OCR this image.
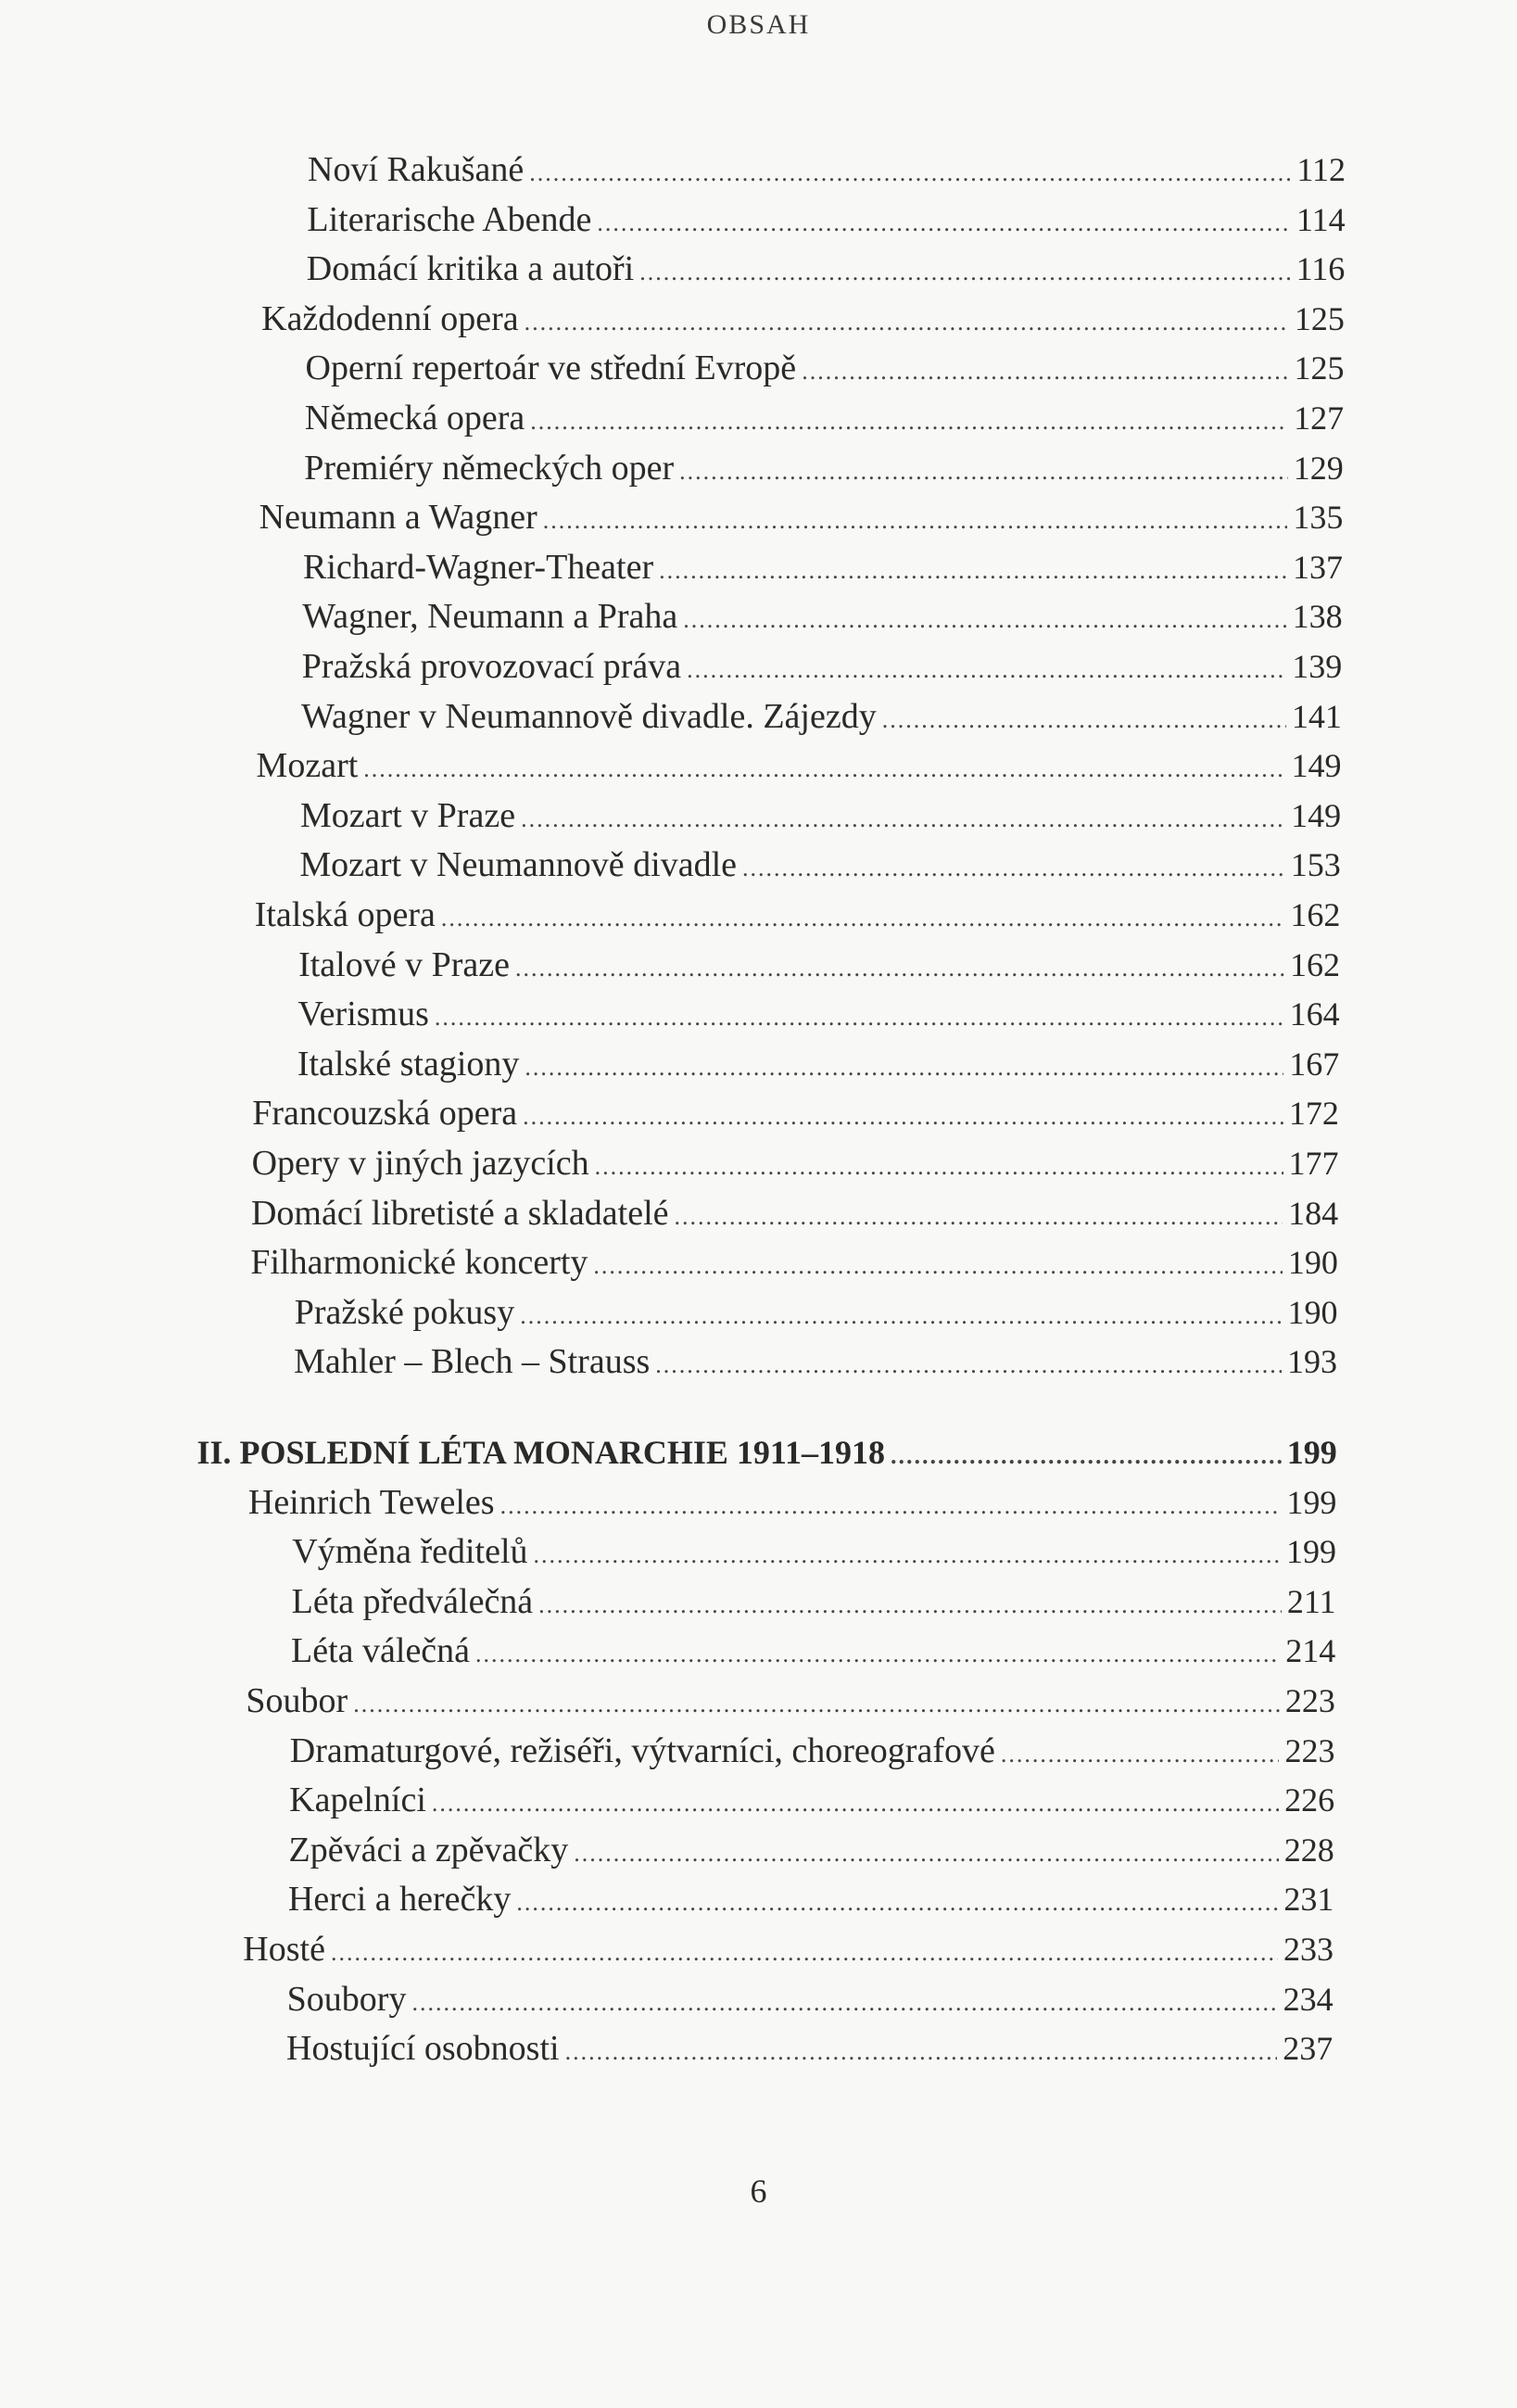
OBSAH
Noví Rakušané .....	112
Literarische Abende .....	114
Domácí kritika a autoři .....	116
Každodenní opera .....	125
Operní repertoár ve střední Evropě .....	125
Německá opera .....	127
Premiéry německých oper .....	129
Neumann a Wagner .....	135
Richard-Wagner-Theater .....	137
Wagner, Neumann a Praha .....	138
Pražská provozovací práva .....	139
Wagner v Neumannově divadle. Zájezdy .....	141
Mozart .....	149
Mozart v Praze .....	149
Mozart v Neumannově divadle .....	153
Italská opera .....	162
Italové v Praze .....	162
Verismus .....	164
Italské stagiony .....	167
Francouzská opera .....	172
Opery v jiných jazycích .....	177
Domácí libretisté a skladatelé .....	184
Filharmonické koncerty .....	190
Pražské pokusy .....	190
Mahler – Blech – Strauss .....	193
II. POSLEDNÍ LÉTA MONARCHIE 1911–1918 .....	199
Heinrich Teweles .....	199
Výměna ředitelů .....	199
Léta předválečná .....	211
Léta válečná .....	214
Soubor .....	223
Dramaturgové, režiséři, výtvarníci, choreografové .....	223
Kapelníci .....	226
Zpěváci a zpěvačky .....	228
Herci a herečky .....	231
Hosté .....	233
Soubory .....	234
Hostující osobnosti .....	237
6
